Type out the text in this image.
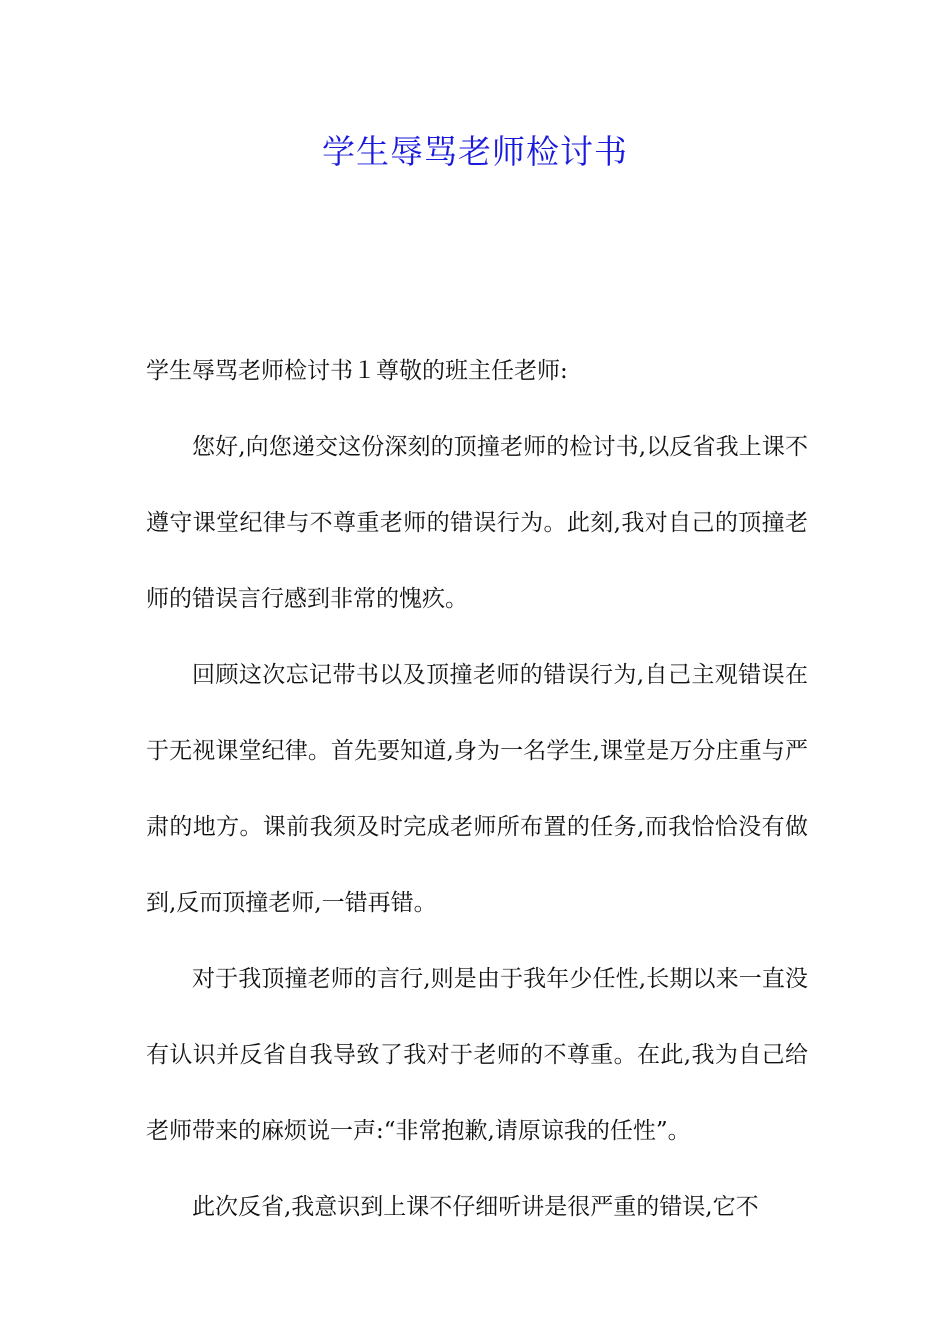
学生辱骂老师检讨书

学生辱骂老师检讨书１尊敬的班主任老师:

您好,向您递交这份深刻的顶撞老师的检讨书,以反省我上课不遵守课堂纪律与不尊重老师的错误行为。此刻,我对自己的顶撞老师的错误言行感到非常的愧疚。

回顾这次忘记带书以及顶撞老师的错误行为,自己主观错误在于无视课堂纪律。首先要知道,身为一名学生,课堂是万分庄重与严肃的地方。课前我须及时完成老师所布置的任务,而我恰恰没有做到,反而顶撞老师,一错再错。

对于我顶撞老师的言行,则是由于我年少任性,长期以来一直没有认识并反省自我导致了我对于老师的不尊重。在此,我为自己给老师带来的麻烦说一声:“非常抱歉,请原谅我的任性”。

此次反省,我意识到上课不仔细听讲是很严重的错误,它不
